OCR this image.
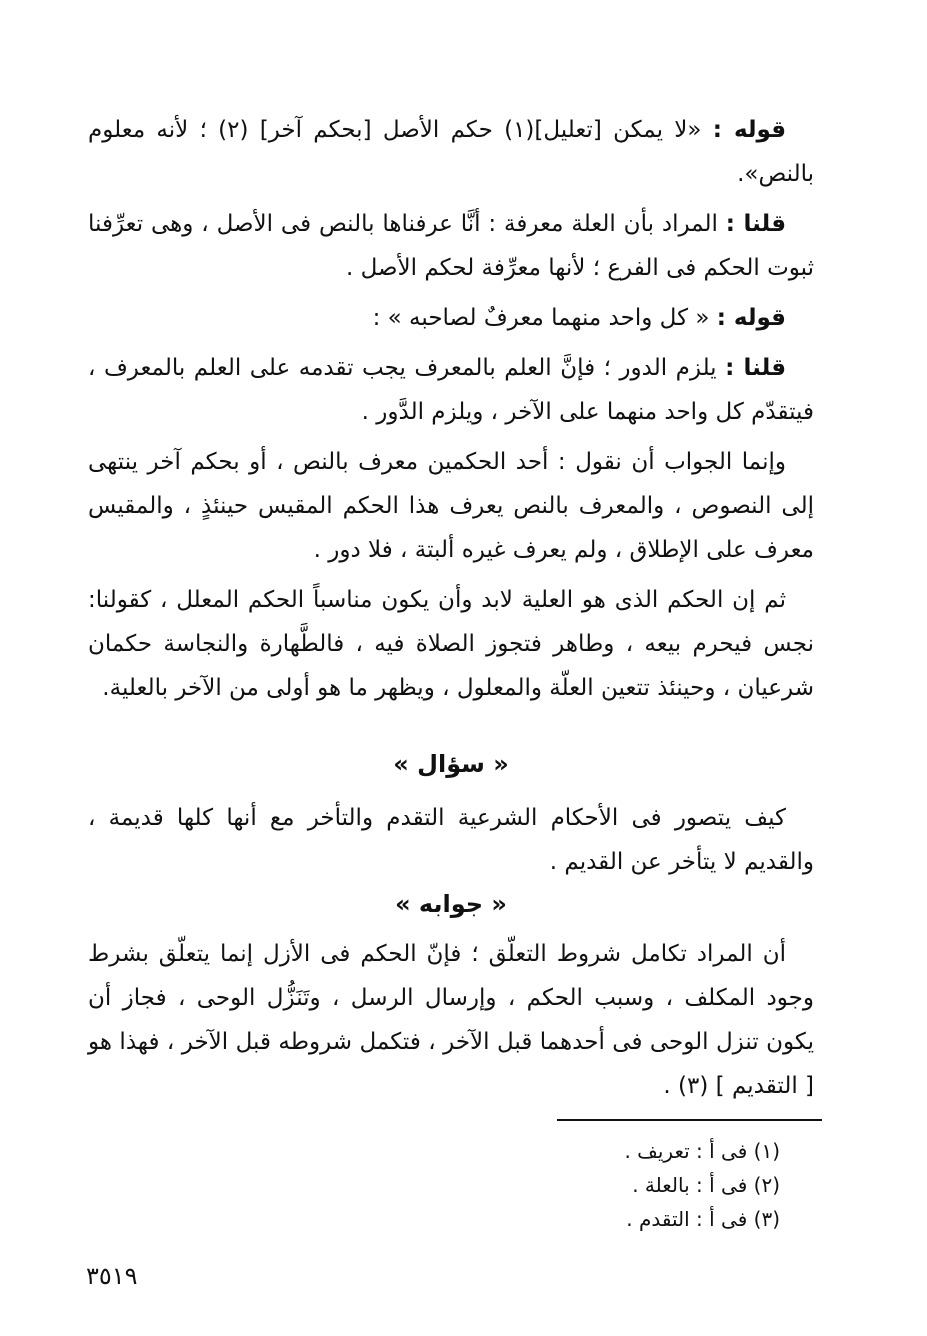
قوله : «لا يمكن [تعليل](١) حكم الأصل [بحكم آخر] (٢) ؛ لأنه معلوم بالنص».

قلنا : المراد بأن العلة معرفة : أنَّا عرفناها بالنص فى الأصل ، وهى تعرِّفنا ثبوت الحكم فى الفرع ؛ لأنها معرِّفة لحكم الأصل .

قوله : « كل واحد منهما معرفٌ لصاحبه » :

قلنا : يلزم الدور ؛ فإنَّ العلم بالمعرف يجب تقدمه على العلم بالمعرف ، فيتقدّم كل واحد منهما على الآخر ، ويلزم الدَّور .

وإنما الجواب أن نقول : أحد الحكمين معرف بالنص ، أو بحكم آخر ينتهى إلى النصوص ، والمعرف بالنص يعرف هذا الحكم المقيس حينئذٍ ، والمقيس معرف على الإطلاق ، ولم يعرف غيره ألبتة ، فلا دور .

ثم إن الحكم الذى هو العلية لابد وأن يكون مناسباً الحكم المعلل ، كقولنا: نجس فيحرم بيعه ، وطاهر فتجوز الصلاة فيه ، فالطَّهارة والنجاسة حكمان شرعيان ، وحينئذ تتعين العلّة والمعلول ، ويظهر ما هو أولى من الآخر بالعلية.

« سؤال »

كيف يتصور فى الأحكام الشرعية التقدم والتأخر مع أنها كلها قديمة ، والقديم لا يتأخر عن القديم .

« جوابه »

أن المراد تكامل شروط التعلّق ؛ فإنّ الحكم فى الأزل إنما يتعلّق بشرط وجود المكلف ، وسبب الحكم ، وإرسال الرسل ، وتَنَزُّل الوحى ، فجاز أن يكون تنزل الوحى فى أحدهما قبل الآخر ، فتكمل شروطه قبل الآخر ، فهذا هو [ التقديم ] (٣) .

(١) فى أ : تعريف .
(٢) فى أ : بالعلة .
(٣) فى أ : التقدم .
٣٥١٩
